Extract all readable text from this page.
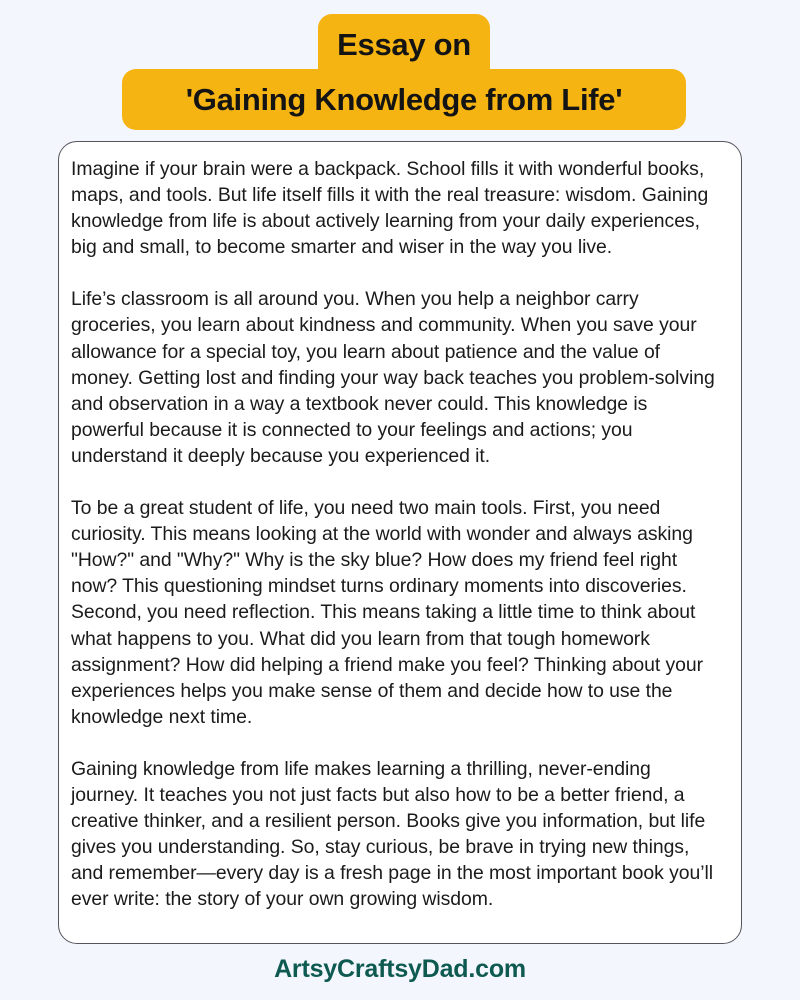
Essay on
'Gaining Knowledge from Life'

Imagine if your brain were a backpack. School fills it with wonderful books, maps, and tools. But life itself fills it with the real treasure: wisdom. Gaining knowledge from life is about actively learning from your daily experiences, big and small, to become smarter and wiser in the way you live.

Life’s classroom is all around you. When you help a neighbor carry groceries, you learn about kindness and community. When you save your allowance for a special toy, you learn about patience and the value of money. Getting lost and finding your way back teaches you problem-solving and observation in a way a textbook never could. This knowledge is powerful because it is connected to your feelings and actions; you understand it deeply because you experienced it.

To be a great student of life, you need two main tools. First, you need curiosity. This means looking at the world with wonder and always asking "How?" and "Why?" Why is the sky blue? How does my friend feel right now? This questioning mindset turns ordinary moments into discoveries. Second, you need reflection. This means taking a little time to think about what happens to you. What did you learn from that tough homework assignment? How did helping a friend make you feel? Thinking about your experiences helps you make sense of them and decide how to use the knowledge next time.

Gaining knowledge from life makes learning a thrilling, never-ending journey. It teaches you not just facts but also how to be a better friend, a creative thinker, and a resilient person. Books give you information, but life gives you understanding. So, stay curious, be brave in trying new things, and remember—every day is a fresh page in the most important book you’ll ever write: the story of your own growing wisdom.

ArtsyCraftsyDad.com
